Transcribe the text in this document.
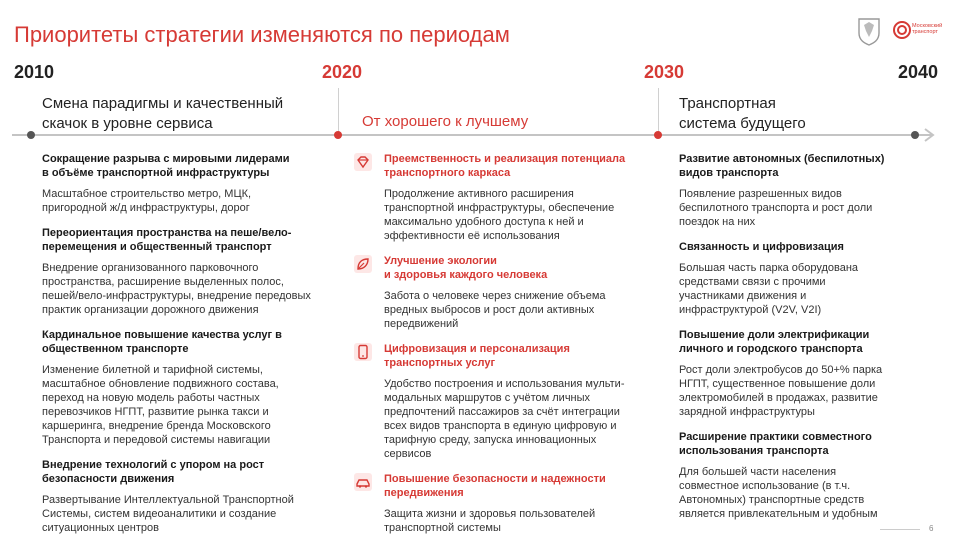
Приоритеты стратегии изменяются по периодам	Московский
транспорт
2010	2020	2030	2040
Смена парадигмы и качественный
скачок в уровне сервиса	От хорошего к лучшему
Транспортная
система будущего
Сокращение разрыва с мировыми лидерами
в объёме транспортной инфраструктуры
Масштабное строительство метро, МЦК,
пригородной ж/д инфраструктуры, дорог
Переориентация пространства на пеше/вело-
перемещения и общественный транспорт
Внедрение организованного парковочного
пространства, расширение выделенных полос,
пешей/вело-инфраструктуры, внедрение передовых
практик организации дорожного движения
Кардинальное повышение качества услуг в
общественном транспорте
Изменение билетной и тарифной системы,
масштабное обновление подвижного состава,
переход на новую модель работы частных
перевозчиков НГПТ, развитие рынка такси и
каршеринга, внедрение бренда Московского
Транспорта и передовой системы навигации
Внедрение технологий с упором на рост
безопасности движения
Развертывание Интеллектуальной Транспортной
Системы, систем видеоаналитики и создание
ситуационных центров
Преемственность и реализация потенциала
транспортного каркаса
Продолжение активного расширения
транспортной инфраструктуры, обеспечение
максимально удобного доступа к ней и
эффективности её использования
Улучшение экологии
и здоровья каждого человека
Забота о человеке через снижение объема
вредных выбросов и рост доли активных
передвижений
Цифровизация и персонализация
транспортных услуг
Удобство построения и использования мульти-
модальных маршрутов с учётом личных
предпочтений пассажиров за счёт интеграции
всех видов транспорта в единую цифровую и
тарифную среду, запуска инновационных
сервисов
Повышение безопасности и надежности
передвижения
Защита жизни и здоровья пользователей
транспортной системы
Развитие автономных (беспилотных)
видов транспорта
Появление разрешенных видов
беспилотного транспорта и рост доли
поездок на них
Связанность и цифровизация
Большая часть парка оборудована
средствами связи с прочими
участниками движения и
инфраструктурой (V2V, V2I)
Повышение доли электрификации
личного и городского транспорта
Рост доли электробусов до 50+% парка
НГПТ, существенное повышение доли
электромобилей в продажах, развитие
зарядной инфраструктуры
Расширение практики совместного
использования транспорта
Для большей части населения
совместное использование (в т.ч.
Автономных) транспортные средств
является привлекательным и удобным
6
